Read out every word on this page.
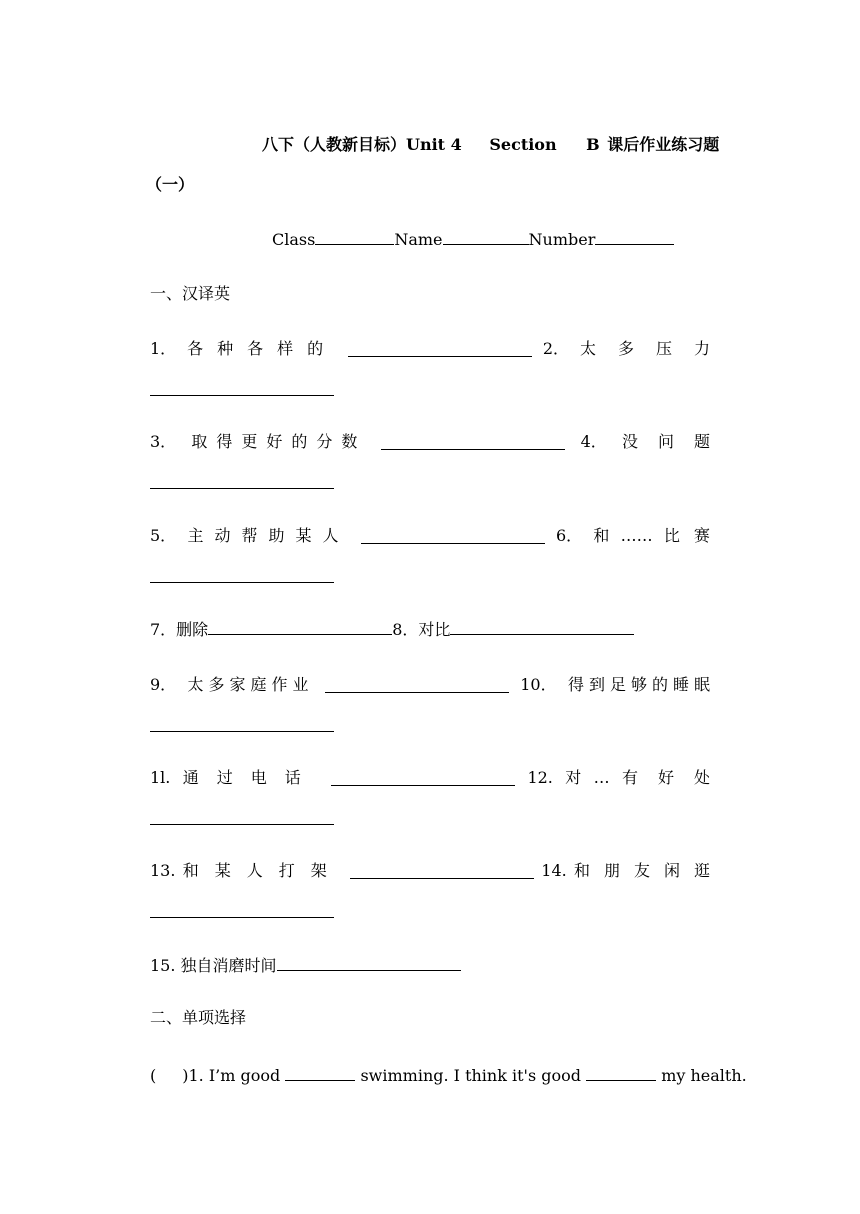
八下（人教新目标）Unit 4 Section B 课后作业练习题
（一）
Class	Name	Number
一、汉译英
1． 各种各样的	2． 太多压力
3． 取得更好的分数	4． 没问题
5． 主动帮助某人	6． 和 …… 比赛
7．删除	8．对比
9． 太多家庭作业	10． 得到足够的睡眠
1l. 通过电话	12. 对 … 有好处
13. 和某人打架	14. 和朋友闲逛
15. 独自消磨时间
二、单项选择
( )1. I’m good	swimming. I think it's good	my health.
